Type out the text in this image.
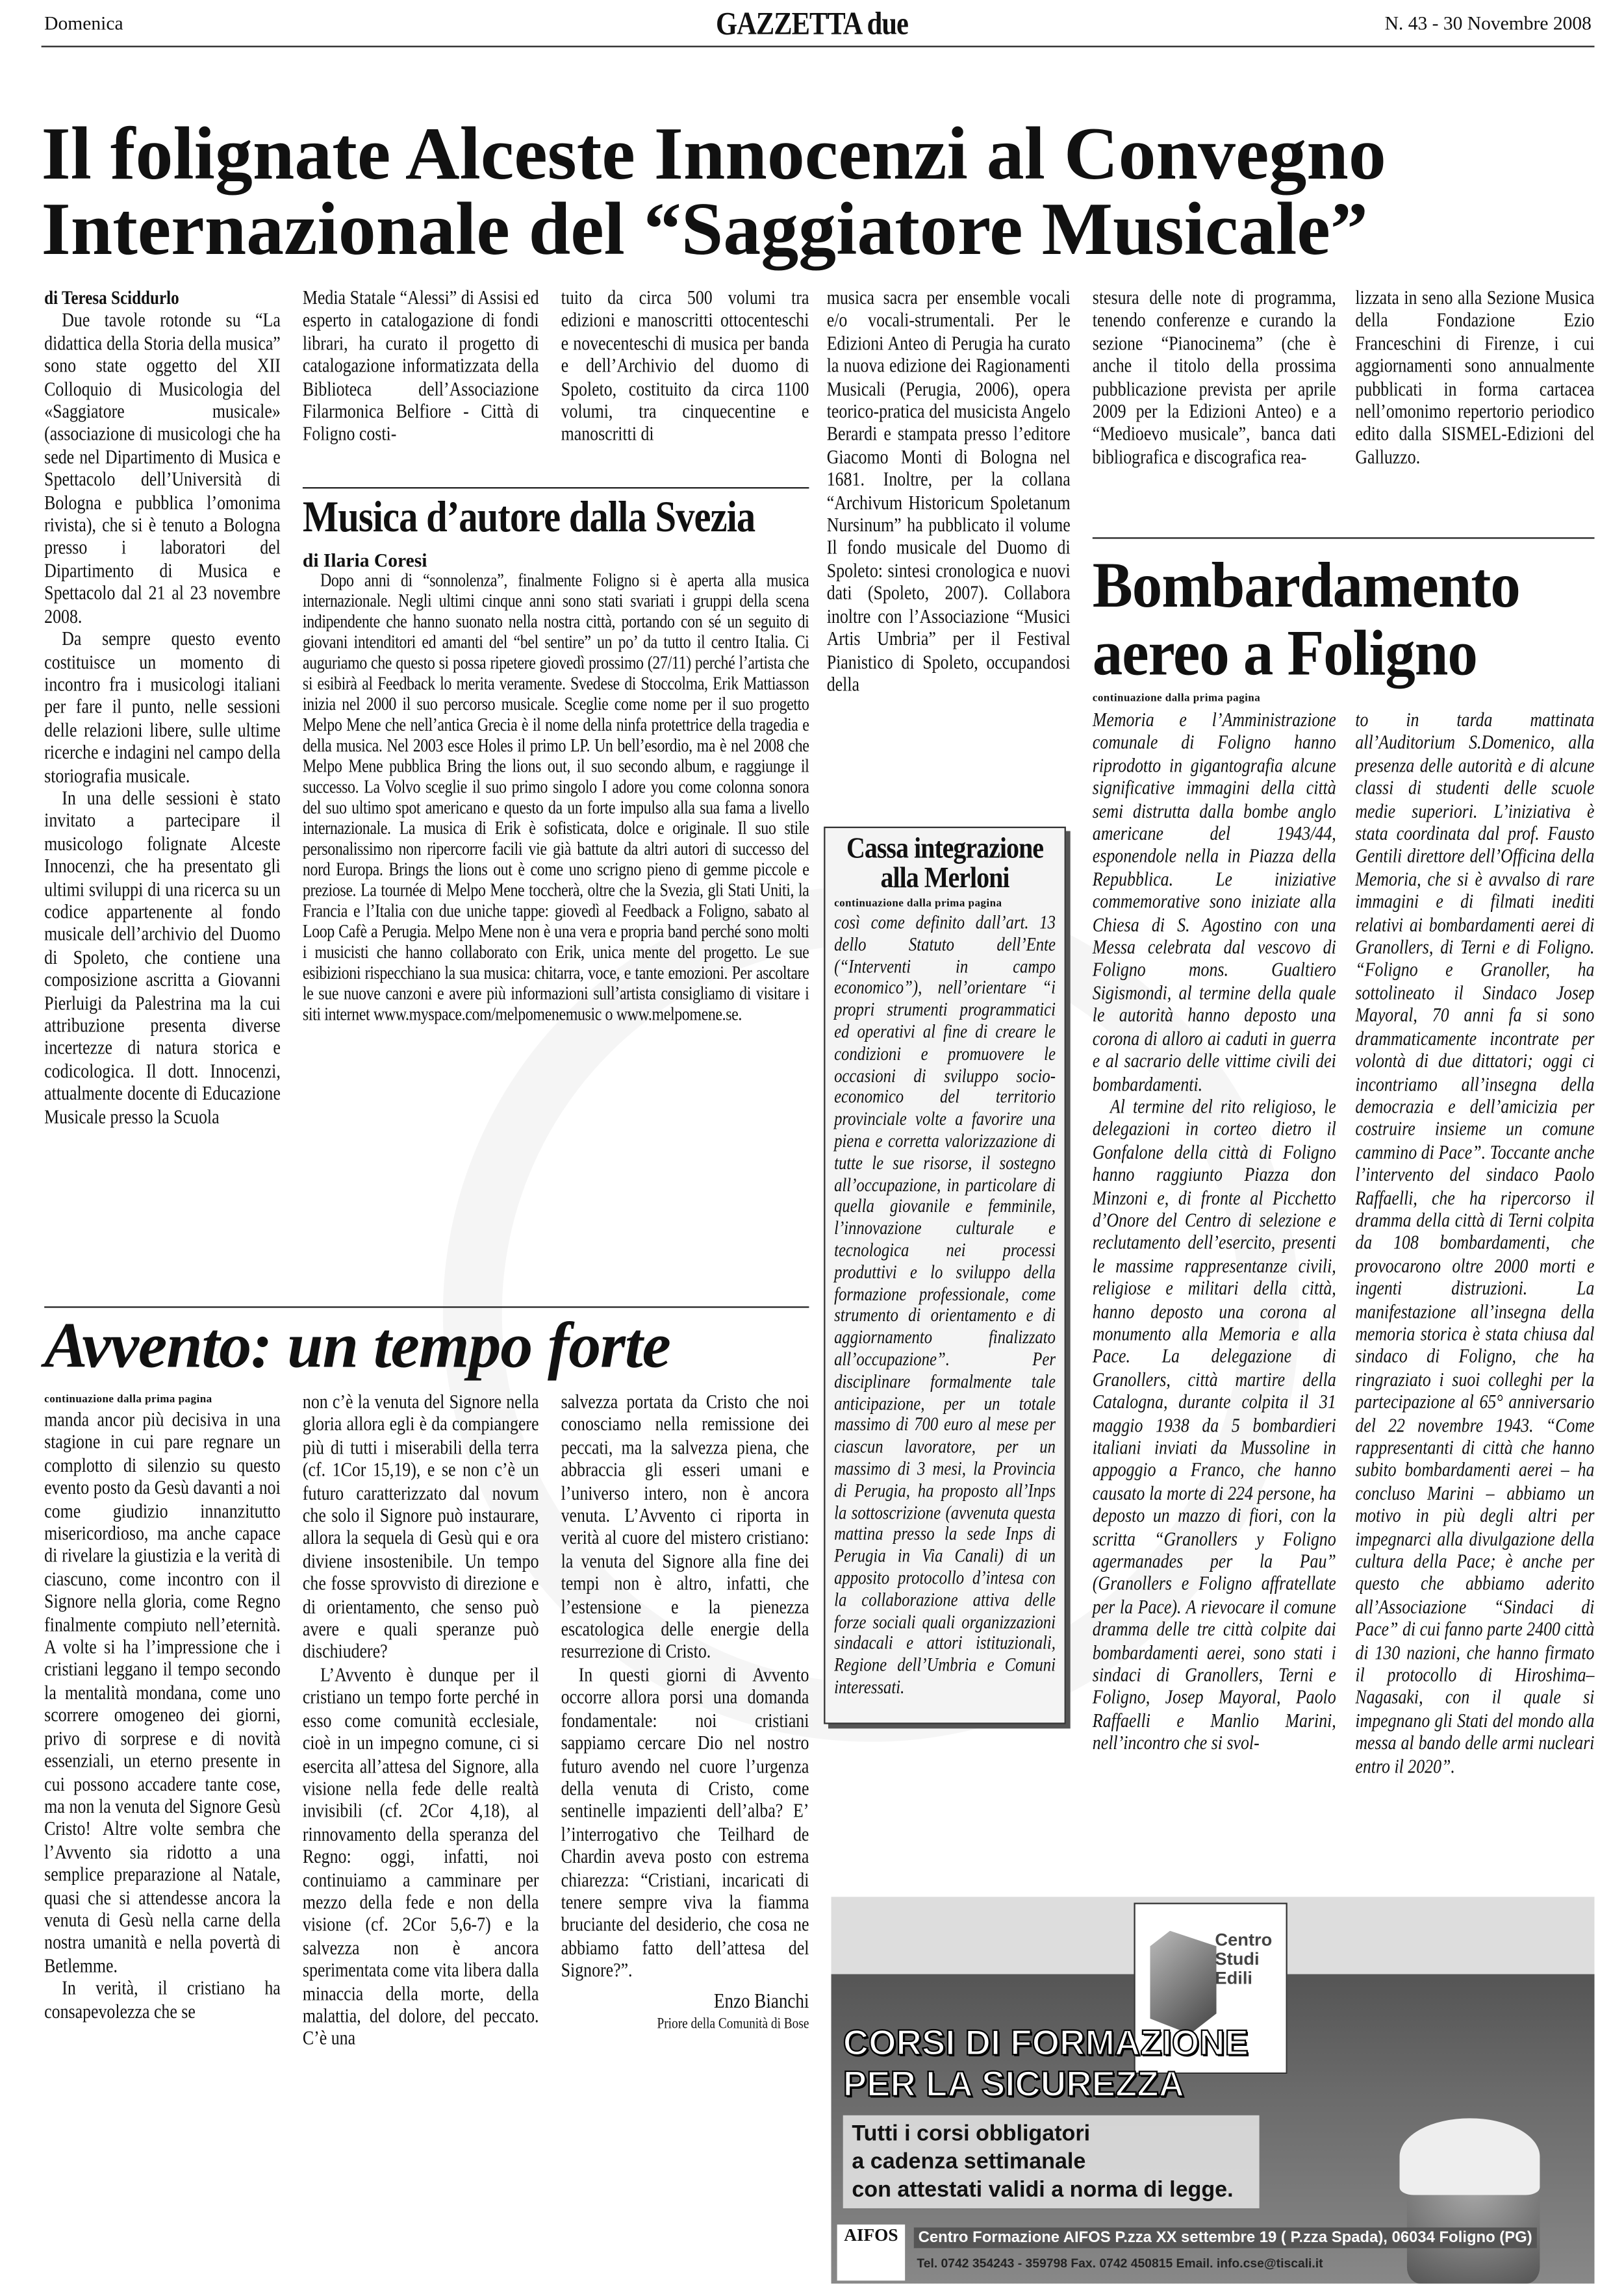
Domenica	GAZZETTA due	N. 43 - 30 Novembre 2008
Il folignate Alceste Innocenzi al Convegno
Internazionale del “Saggiatore Musicale”
di Teresa Sciddurlo

Due tavole rotonde su “La didattica della Storia della musica” sono state oggetto del XII Colloquio di Musicologia del «Saggiatore musicale» (associazione di musicologi che ha sede nel Dipartimento di Musica e Spettacolo dell’Università di Bologna e pubblica l’omonima rivista), che si è tenuto a Bologna presso i laboratori del Dipartimento di Musica e Spettacolo dal 21 al 23 novembre 2008.

Da sempre questo evento costituisce un momento di incontro fra i musicologi italiani per fare il punto, nelle sessioni delle relazioni libere, sulle ultime ricerche e indagini nel campo della storiografia musicale.

In una delle sessioni è stato invitato a partecipare il musicologo folignate Alceste Innocenzi, che ha presentato gli ultimi sviluppi di una ricerca su un codice appartenente al fondo musicale dell’archivio del Duomo di Spoleto, che contiene una composizione ascritta a Giovanni Pierluigi da Palestrina ma la cui attribuzione presenta diverse incertezze di natura storica e codicologica. Il dott. Innocenzi, attualmente docente di Educazione Musicale presso la Scuola

Media Statale “Alessi” di Assisi ed esperto in catalogazione di fondi librari, ha curato il progetto di catalogazione informatizzata della Biblioteca dell’Associazione Filarmonica Belfiore - Città di Foligno costi-

tuito da circa 500 volumi tra edizioni e manoscritti ottocenteschi e novecenteschi di musica per banda e dell’Archivio del duomo di Spoleto, costituito da circa 1100 volumi, tra cinquecentine e manoscritti di

musica sacra per ensemble vocali e/o vocali-strumentali. Per le Edizioni Anteo di Perugia ha curato la nuova edizione dei Ragionamenti Musicali (Perugia, 2006), opera teorico-pratica del musicista Angelo Berardi e stampata presso l’editore Giacomo Monti di Bologna nel 1681. Inoltre, per la collana “Archivum Historicum Spoletanum Nursinum” ha pubblicato il volume Il fondo musicale del Duomo di Spoleto: sintesi cronologica e nuovi dati (Spoleto, 2007). Collabora inoltre con l’Associazione “Musici Artis Umbria” per il Festival Pianistico di Spoleto, occupandosi della

stesura delle note di programma, tenendo conferenze e curando la sezione “Pianocinema” (che è anche il titolo della prossima pubblicazione prevista per aprile 2009 per la Edizioni Anteo) e a “Medioevo musicale”, banca dati bibliografica e discografica rea-

lizzata in seno alla Sezione Musica della Fondazione Ezio Franceschini di Firenze, i cui aggiornamenti sono annualmente pubblicati in forma cartacea nell’omonimo repertorio periodico edito dalla SISMEL-Edizioni del Galluzzo.

Musica d’autore dalla Svezia
di Ilaria Coresi

Dopo anni di “sonnolenza”, finalmente Foligno si è aperta alla musica internazionale. Negli ultimi cinque anni sono stati svariati i gruppi della scena indipendente che hanno suonato nella nostra città, portando con sé un seguito di giovani intenditori ed amanti del “bel sentire” un po’ da tutto il centro Italia. Ci auguriamo che questo si possa ripetere giovedì prossimo (27/11) perché l’artista che si esibirà al Feedback lo merita veramente. Svedese di Stoccolma, Erik Mattiasson inizia nel 2000 il suo percorso musicale. Sceglie come nome per il suo progetto Melpo Mene che nell’antica Grecia è il nome della ninfa protettrice della tragedia e della musica. Nel 2003 esce Holes il primo LP. Un bell’esordio, ma è nel 2008 che Melpo Mene pubblica Bring the lions out, il suo secondo album, e raggiunge il successo. La Volvo sceglie il suo primo singolo I adore you come colonna sonora del suo ultimo spot americano e questo da un forte impulso alla sua fama a livello internazionale. La musica di Erik è sofisticata, dolce e originale. Il suo stile personalissimo non ripercorre facili vie già battute da altri autori di successo del nord Europa. Brings the lions out è come uno scrigno pieno di gemme piccole e preziose. La tournée di Melpo Mene toccherà, oltre che la Svezia, gli Stati Uniti, la Francia e l’Italia con due uniche tappe: giovedì al Feedback a Foligno, sabato al Loop Cafè a Perugia. Melpo Mene non è una vera e propria band perché sono molti i musicisti che hanno collaborato con Erik, unica mente del progetto. Le sue esibizioni rispecchiano la sua musica: chitarra, voce, e tante emozioni. Per ascoltare le sue nuove canzoni e avere più informazioni sull’artista consigliamo di visitare i siti internet www.myspace.com/melpomenemusic o www.melpomene.se.

Cassa integrazione alla Merloni
continuazione dalla prima pagina

così come definito dall’art. 13 dello Statuto dell’Ente (“Interventi in campo economico”), nell’orientare “i propri strumenti programmatici ed operativi al fine di creare le condizioni e promuovere le occasioni di sviluppo socio-economico del territorio provinciale volte a favorire una piena e corretta valorizzazione di tutte le sue risorse, il sostegno all’occupazione, in particolare di quella giovanile e femminile, l’innovazione culturale e tecnologica nei processi produttivi e lo sviluppo della formazione professionale, come strumento di orientamento e di aggiornamento finalizzato all’occupazione”. Per disciplinare formalmente tale anticipazione, per un totale massimo di 700 euro al mese per ciascun lavoratore, per un massimo di 3 mesi, la Provincia di Perugia, ha proposto all’Inps la sottoscrizione (avvenuta questa mattina presso la sede Inps di Perugia in Via Canali) di un apposito protocollo d’intesa con la collaborazione attiva delle forze sociali quali organizzazioni sindacali e attori istituzionali, Regione dell’Umbria e Comuni interessati.

Bombardamento
aereo a Foligno
continuazione dalla prima pagina

Memoria e l’Amministrazione comunale di Foligno hanno riprodotto in gigantografia alcune significative immagini della città semi distrutta dalla bombe anglo americane del 1943/44, esponendole nella in Piazza della Repubblica. Le iniziative commemorative sono iniziate alla Chiesa di S. Agostino con una Messa celebrata dal vescovo di Foligno mons. Gualtiero Sigismondi, al termine della quale le autorità hanno deposto una corona di alloro ai caduti in guerra e al sacrario delle vittime civili dei bombardamenti.

Al termine del rito religioso, le delegazioni in corteo dietro il Gonfalone della città di Foligno hanno raggiunto Piazza don Minzoni e, di fronte al Picchetto d’Onore del Centro di selezione e reclutamento dell’esercito, presenti le massime rappresentanze civili, religiose e militari della città, hanno deposto una corona al monumento alla Memoria e alla Pace. La delegazione di Granollers, città martire della Catalogna, durante colpita il 31 maggio 1938 da 5 bombardieri italiani inviati da Mussoline in appoggio a Franco, che hanno causato la morte di 224 persone, ha deposto un mazzo di fiori, con la scritta “Granollers y Foligno agermanades per la Pau” (Granollers e Foligno affratellate per la Pace). A rievocare il comune dramma delle tre città colpite dai bombardamenti aerei, sono stati i sindaci di Granollers, Terni e Foligno, Josep Mayoral, Paolo Raffaelli e Manlio Marini, nell’incontro che si svol-

to in tarda mattinata all’Auditorium S.Domenico, alla presenza delle autorità e di alcune classi di studenti delle scuole medie superiori. L’iniziativa è stata coordinata dal prof. Fausto Gentili direttore dell’Officina della Memoria, che si è avvalso di rare immagini e di filmati inediti relativi ai bombardamenti aerei di Granollers, di Terni e di Foligno. “Foligno e Granoller, ha sottolineato il Sindaco Josep Mayoral, 70 anni fa si sono drammaticamente incontrate per volontà di due dittatori; oggi ci incontriamo all’insegna della democrazia e dell’amicizia per costruire insieme un comune cammino di Pace”. Toccante anche l’intervento del sindaco Paolo Raffaelli, che ha ripercorso il dramma della città di Terni colpita da 108 bombardamenti, che provocarono oltre 2000 morti e ingenti distruzioni. La manifestazione all’insegna della memoria storica è stata chiusa dal sindaco di Foligno, che ha ringraziato i suoi colleghi per la partecipazione al 65° anniversario del 22 novembre 1943. “Come rappresentanti di città che hanno subito bombardamenti aerei – ha concluso Marini – abbiamo un motivo in più degli altri per impegnarci alla divulgazione della cultura della Pace; è anche per questo che abbiamo aderito all’Associazione “Sindaci di Pace” di cui fanno parte 2400 città di 130 nazioni, che hanno firmato il protocollo di Hiroshima–Nagasaki, con il quale si impegnano gli Stati del mondo alla messa al bando delle armi nucleari entro il 2020”.

Avvento: un tempo forte
continuazione dalla prima pagina

manda ancor più decisiva in una stagione in cui pare regnare un complotto di silenzio su questo evento posto da Gesù davanti a noi come giudizio innanzitutto misericordioso, ma anche capace di rivelare la giustizia e la verità di ciascuno, come incontro con il Signore nella gloria, come Regno finalmente compiuto nell’eternità. A volte si ha l’impressione che i cristiani leggano il tempo secondo la mentalità mondana, come uno scorrere omogeneo dei giorni, privo di sorprese e di novità essenziali, un eterno presente in cui possono accadere tante cose, ma non la venuta del Signore Gesù Cristo! Altre volte sembra che l’Avvento sia ridotto a una semplice preparazione al Natale, quasi che si attendesse ancora la venuta di Gesù nella carne della nostra umanità e nella povertà di Betlemme.

In verità, il cristiano ha consapevolezza che se

non c’è la venuta del Signore nella gloria allora egli è da compiangere più di tutti i miserabili della terra (cf. 1Cor 15,19), e se non c’è un futuro caratterizzato dal novum che solo il Signore può instaurare, allora la sequela di Gesù qui e ora diviene insostenibile. Un tempo che fosse sprovvisto di direzione e di orientamento, che senso può avere e quali speranze può dischiudere?

L’Avvento è dunque per il cristiano un tempo forte perché in esso come comunità ecclesiale, cioè in un impegno comune, ci si esercita all’attesa del Signore, alla visione nella fede delle realtà invisibili (cf. 2Cor 4,18), al rinnovamento della speranza del Regno: oggi, infatti, noi continuiamo a camminare per mezzo della fede e non della visione (cf. 2Cor 5,6-7) e la salvezza non è ancora sperimentata come vita libera dalla minaccia della morte, della malattia, del dolore, del peccato. C’è una

salvezza portata da Cristo che noi conosciamo nella remissione dei peccati, ma la salvezza piena, che abbraccia gli esseri umani e l’universo intero, non è ancora venuta. L’Avvento ci riporta in verità al cuore del mistero cristiano: la venuta del Signore alla fine dei tempi non è altro, infatti, che l’estensione e la pienezza escatologica delle energie della resurrezione di Cristo.

In questi giorni di Avvento occorre allora porsi una domanda fondamentale: noi cristiani sappiamo cercare Dio nel nostro futuro avendo nel cuore l’urgenza della venuta di Cristo, come sentinelle impazienti dell’alba? E’ l’interrogativo che Teilhard de Chardin aveva posto con estrema chiarezza: “Cristiani, incaricati di tenere sempre viva la fiamma bruciante del desiderio, che cosa ne abbiamo fatto dell’attesa del Signore?”.

Enzo Bianchi
Priore della Comunità di Bose
Centro Studi Edili
CORSI DI FORMAZIONE
PER LA SICUREZZA
Tutti i corsi obbligatori
a cadenza settimanale
con attestati validi a norma di legge.
AIFOS	Centro Formazione AIFOS P.zza XX settembre 19 ( P.zza Spada), 06034 Foligno (PG)
Tel. 0742 354243 - 359798 Fax. 0742 450815 Email. info.cse@tiscali.it
